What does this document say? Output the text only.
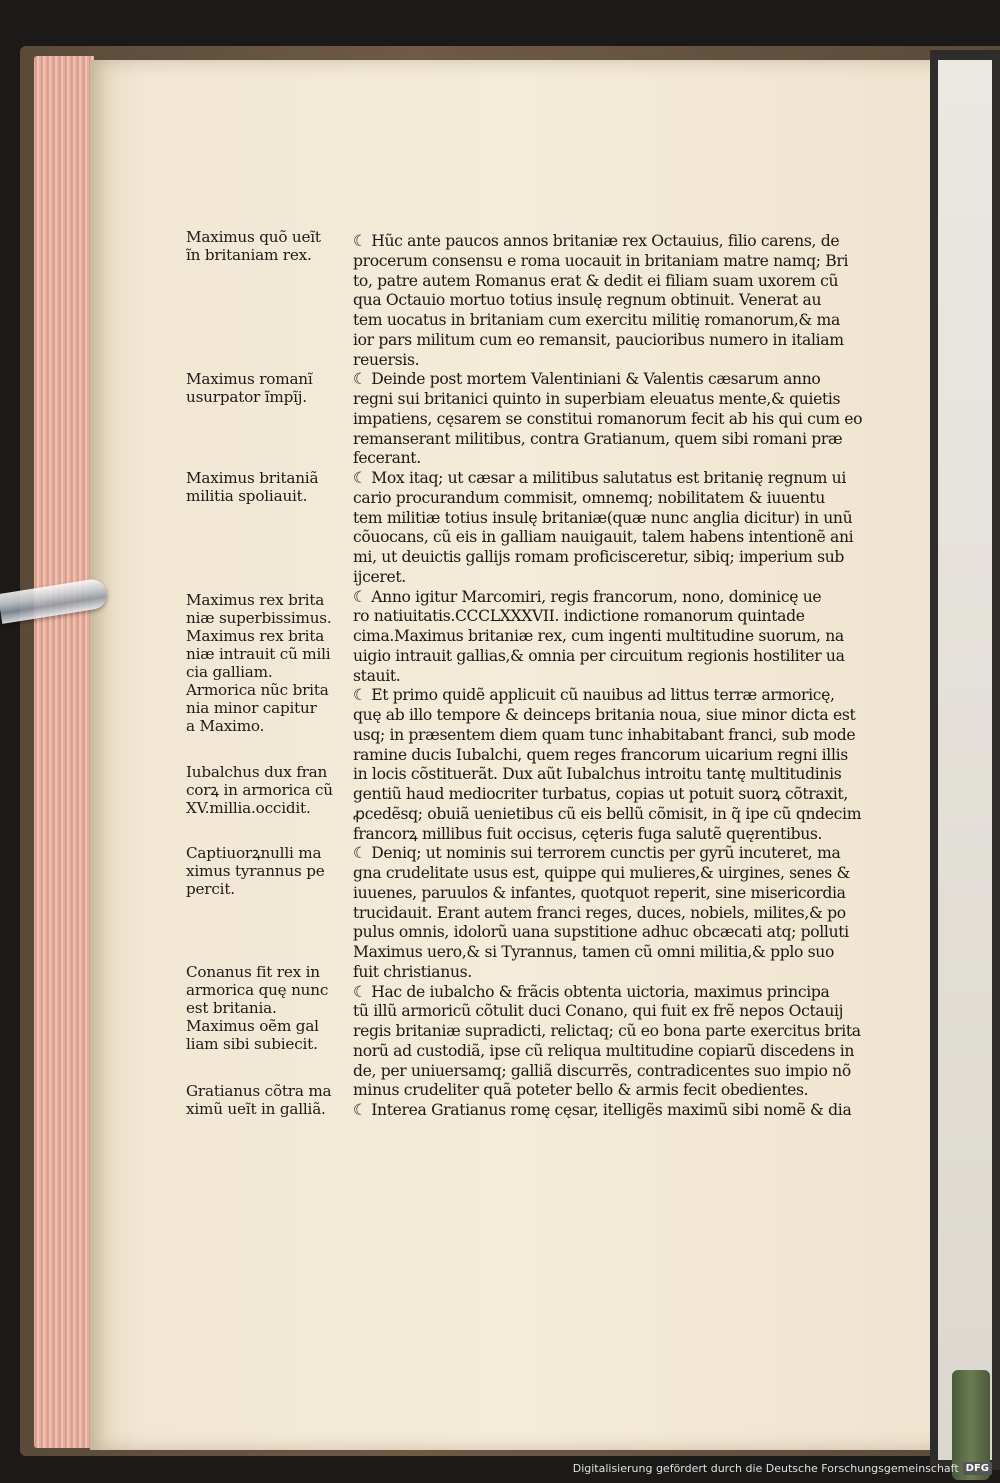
Maximus quõ ueĩt
ĩn britaniam rex.
Maximus romanĩ
usurpator ĩmpĩj.
Maximus britaniã
militia spoliauit.
Maximus rex brita
niæ superbissimus.
Maximus rex brita
niæ intrauit cũ mili
cia galliam.
Armorica nũc brita
nia minor capitur
a Maximo.
Iubalchus dux fran
corꝝ in armorica cũ
XV.millia.occidit.
Captiuorꝝnulli ma
ximus tyrannus pe
percit.
Conanus fit rex in
armorica quę nunc
est britania.
Maximus oẽm gal
liam sibi subiecit.
Gratianus cõtra ma
ximũ ueĩt in galliã.
☾ Hũc ante paucos annos britaniæ rex Octauius, filio carens, de
procerum consensu e roma uocauit in britaniam matre namq; Bri
to, patre autem Romanus erat & dedit ei filiam suam uxorem cũ
qua Octauio mortuo totius insulę regnum obtinuit. Venerat au
tem uocatus in britaniam cum exercitu militię romanorum,& ma
ior pars militum cum eo remansit, paucioribus numero in italiam
reuersis.
☾ Deinde post mortem Valentiniani & Valentis cæsarum anno
regni sui britanici quinto in superbiam eleuatus mente,& quietis
impatiens, cęsarem se constitui romanorum fecit ab his qui cum eo
remanserant militibus, contra Gratianum, quem sibi romani præ
fecerant.
☾ Mox itaq; ut cæsar a militibus salutatus est britanię regnum ui
cario procurandum commisit, omnemq; nobilitatem & iuuentu
tem militiæ totius insulę britaniæ(quæ nunc anglia dicitur) in unũ
cõuocans, cũ eis in galliam nauigauit, talem habens intentionẽ ani
mi, ut deuictis gallijs romam proficisceretur, sibiq; imperium sub
ijceret.
☾ Anno igitur Marcomiri, regis francorum, nono, dominicę ue
ro natiuitatis.CCCLXXXVII. indictione romanorum quintade
cima.Maximus britaniæ rex, cum ingenti multitudine suorum, na
uigio intrauit gallias,& omnia per circuitum regionis hostiliter ua
stauit.
☾ Et primo quidẽ applicuit cũ nauibus ad littus terræ armoricę,
quę ab illo tempore & deinceps britania noua, siue minor dicta est
usq; in præsentem diem quam tunc inhabitabant franci, sub mode
ramine ducis Iubalchi, quem reges francorum uicarium regni illis
in locis cõstituerãt. Dux aũt Iubalchus introitu tantę multitudinis
gentiũ haud mediocriter turbatus, copias ut potuit suorꝝ cõtraxit,
ꝓcedẽsq; obuiã uenietibus cũ eis bellũ cõmisit, in q̃ ipe cũ qndecim
francorꝝ millibus fuit occisus, cęteris fuga salutẽ quęrentibus.
☾ Deniq; ut nominis sui terrorem cunctis per gyrũ incuteret, ma
gna crudelitate usus est, quippe qui mulieres,& uirgines, senes &
iuuenes, paruulos & infantes, quotquot reperit, sine misericordia
trucidauit. Erant autem franci reges, duces, nobiels, milites,& po
pulus omnis, idolorũ uana supstitione adhuc obcæcati atq; polluti
Maximus uero,& si Tyrannus, tamen cũ omni militia,& pplo suo
fuit christianus.
☾ Hac de iubalcho & frãcis obtenta uictoria, maximus principa
tũ illũ armoricũ cõtulit duci Conano, qui fuit ex frẽ nepos Octauij
regis britaniæ supradicti, relictaq; cũ eo bona parte exercitus brita
norũ ad custodiã, ipse cũ reliqua multitudine copiarũ discedens in
de, per uniuersamq; galliã discurrẽs, contradicentes suo impio nõ
minus crudeliter quã poteter bello & armis fecit obedientes.
☾ Interea Gratianus romę cęsar, itelligẽs maximũ sibi nomẽ & dia
Digitalisierung gefördert durch die Deutsche Forschungsgemeinschaft DFG
